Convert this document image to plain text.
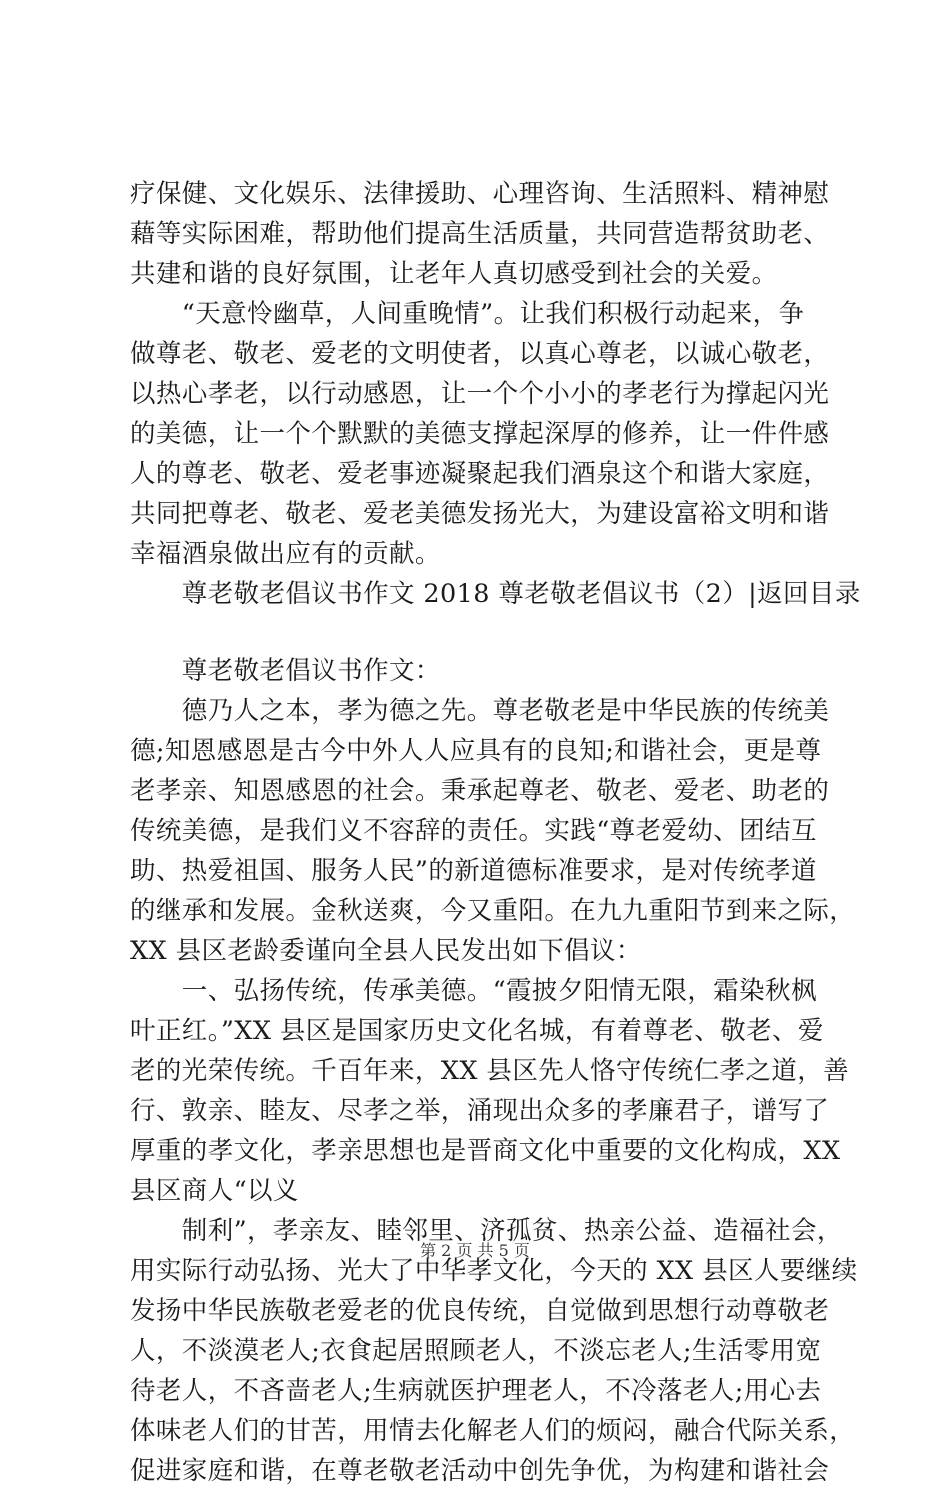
疗保健、文化娱乐、法律援助、心理咨询、生活照料、精神慰
藉等实际困难，帮助他们提高生活质量，共同营造帮贫助老、
共建和谐的良好氛围，让老年人真切感受到社会的关爱。
　　“天意怜幽草，人间重晚情”。让我们积极行动起来，争
做尊老、敬老、爱老的文明使者，以真心尊老，以诚心敬老，
以热心孝老，以行动感恩，让一个个小小的孝老行为撑起闪光
的美德，让一个个默默的美德支撑起深厚的修养，让一件件感
人的尊老、敬老、爱老事迹凝聚起我们酒泉这个和谐大家庭，
共同把尊老、敬老、爱老美德发扬光大，为建设富裕文明和谐
幸福酒泉做出应有的贡献。
　　尊老敬老倡议书作文 2018 尊老敬老倡议书（2）|返回目录
　　尊老敬老倡议书作文：
　　德乃人之本，孝为德之先。尊老敬老是中华民族的传统美
德;知恩感恩是古今中外人人应具有的良知;和谐社会，更是尊
老孝亲、知恩感恩的社会。秉承起尊老、敬老、爱老、助老的
传统美德，是我们义不容辞的责任。实践“尊老爱幼、团结互
助、热爱祖国、服务人民”的新道德标准要求，是对传统孝道
的继承和发展。金秋送爽，今又重阳。在九九重阳节到来之际，
XX 县区老龄委谨向全县人民发出如下倡议：
　　一、弘扬传统，传承美德。“霞披夕阳情无限，霜染秋枫
叶正红。”XX 县区是国家历史文化名城，有着尊老、敬老、爱
老的光荣传统。千百年来，XX 县区先人恪守传统仁孝之道，善
行、敦亲、睦友、尽孝之举，涌现出众多的孝廉君子，谱写了
厚重的孝文化，孝亲思想也是晋商文化中重要的文化构成，XX
县区商人“以义
　　制利”，孝亲友、睦邻里、济孤贫、热亲公益、造福社会，
用实际行动弘扬、光大了中华孝文化，今天的 XX 县区人要继续
发扬中华民族敬老爱老的优良传统，自觉做到思想行动尊敬老
人，不淡漠老人;衣食起居照顾老人，不淡忘老人;生活零用宽
待老人，不吝啬老人;生病就医护理老人，不冷落老人;用心去
体味老人们的甘苦，用情去化解老人们的烦闷，融合代际关系，
促进家庭和谐，在尊老敬老活动中创先争优，为构建和谐社会
第 2 页 共 5 页
